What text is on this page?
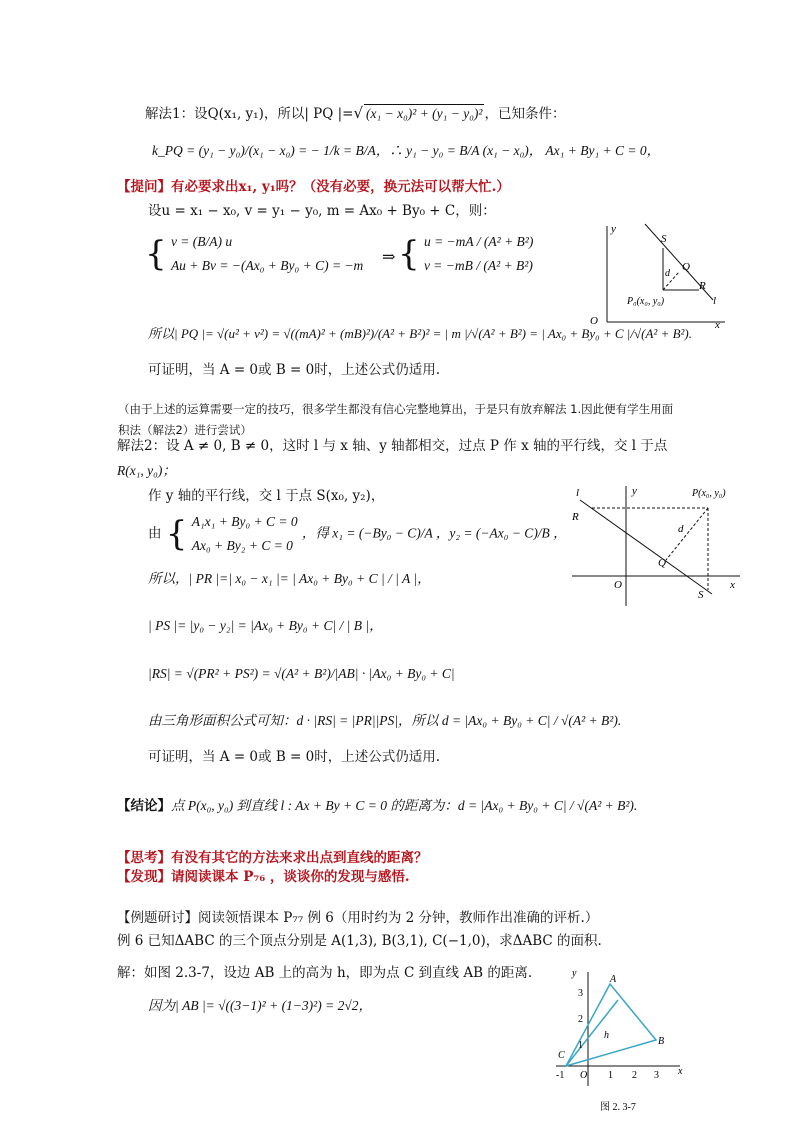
解法1：设Q(x₁, y₁)，所以| PQ |=√ (x₁ − x₀)² + (y₁ − y₀)² ，已知条件：
k_PQ = (y₁ − y₀)/(x₁ − x₀) = − 1/k = B/A，∴ y₁ − y₀ = B/A (x₁ − x₀)， Ax₁ + By₁ + C = 0，
【提问】有必要求出x₁, y₁吗？（没有必要，换元法可以帮大忙.）
设u = x₁ − x₀, v = y₁ − y₀, m = Ax₀ + By₀ + C，则：
{ v = (B/A) u
Au + Bv = −(Ax₀ + By₀ + C) = −m ⇒ { u = −mA / (A² + B²)
v = −mB / (A² + B²)
所以| PQ |= √(u² + v²) = √((mA)² + (mB)²)/(A² + B²)² = | m |/√(A² + B²) = | Ax₀ + By₀ + C |/√(A² + B²).
可证明，当 A = 0或 B = 0时，上述公式仍适用.
y
S
Q
d
R
P₀(x₀, y₀)	l
O	x
（由于上述的运算需要一定的技巧，很多学生都没有信心完整地算出，于是只有放弃解法 1.因此便有学生用面积法（解法2）进行尝试）
解法2：设 A ≠ 0, B ≠ 0，这时 l 与 x 轴、y 轴都相交，过点 P 作 x 轴的平行线，交 l 于点
R(x₁, y₀)；
作 y 轴的平行线，交 l 于点 S(x₀, y₂)，
由 { A₁x₁ + By₀ + C = 0
Ax₀ + By₂ + C = 0
，得 x₁ = (−By₀ − C)/A ，y₂ = (−Ax₀ − C)/B ，
所以，| PR |=| x₀ − x₁ |= | Ax₀ + By₀ + C | / | A |，
| PS |= |y₀ − y₂| = |Ax₀ + By₀ + C| / | B |，
|RS| = √(PR² + PS²) = √(A² + B²)/|AB| · |Ax₀ + By₀ + C|
由三角形面积公式可知：d · |RS| = |PR||PS|，所以 d = |Ax₀ + By₀ + C| / √(A² + B²).
可证明，当 A = 0或 B = 0时，上述公式仍适用.
l	y	P(x₀, y₀)
R
d
Q
O	x
S
【结论】点 P(x₀, y₀) 到直线 l : Ax + By + C = 0 的距离为：d = |Ax₀ + By₀ + C| / √(A² + B²).
【思考】有没有其它的方法来求出点到直线的距离？
【发现】请阅读课本 P₇₆ ，谈谈你的发现与感悟.
【例题研讨】阅读领悟课本 P₇₇ 例 6（用时约为 2 分钟，教师作出准确的评析.）
例 6 已知ΔABC 的三个顶点分别是 A(1,3), B(3,1), C(−1,0)，求ΔABC 的面积.
解：如图 2.3-7，设边 AB 上的高为 h，即为点 C 到直线 AB 的距离.
因为| AB |= √((3−1)² + (1−3)²) = 2√2，
y
x
3
2
1
-1 O 1 2 3
A
B
C
h
图 2. 3-7
